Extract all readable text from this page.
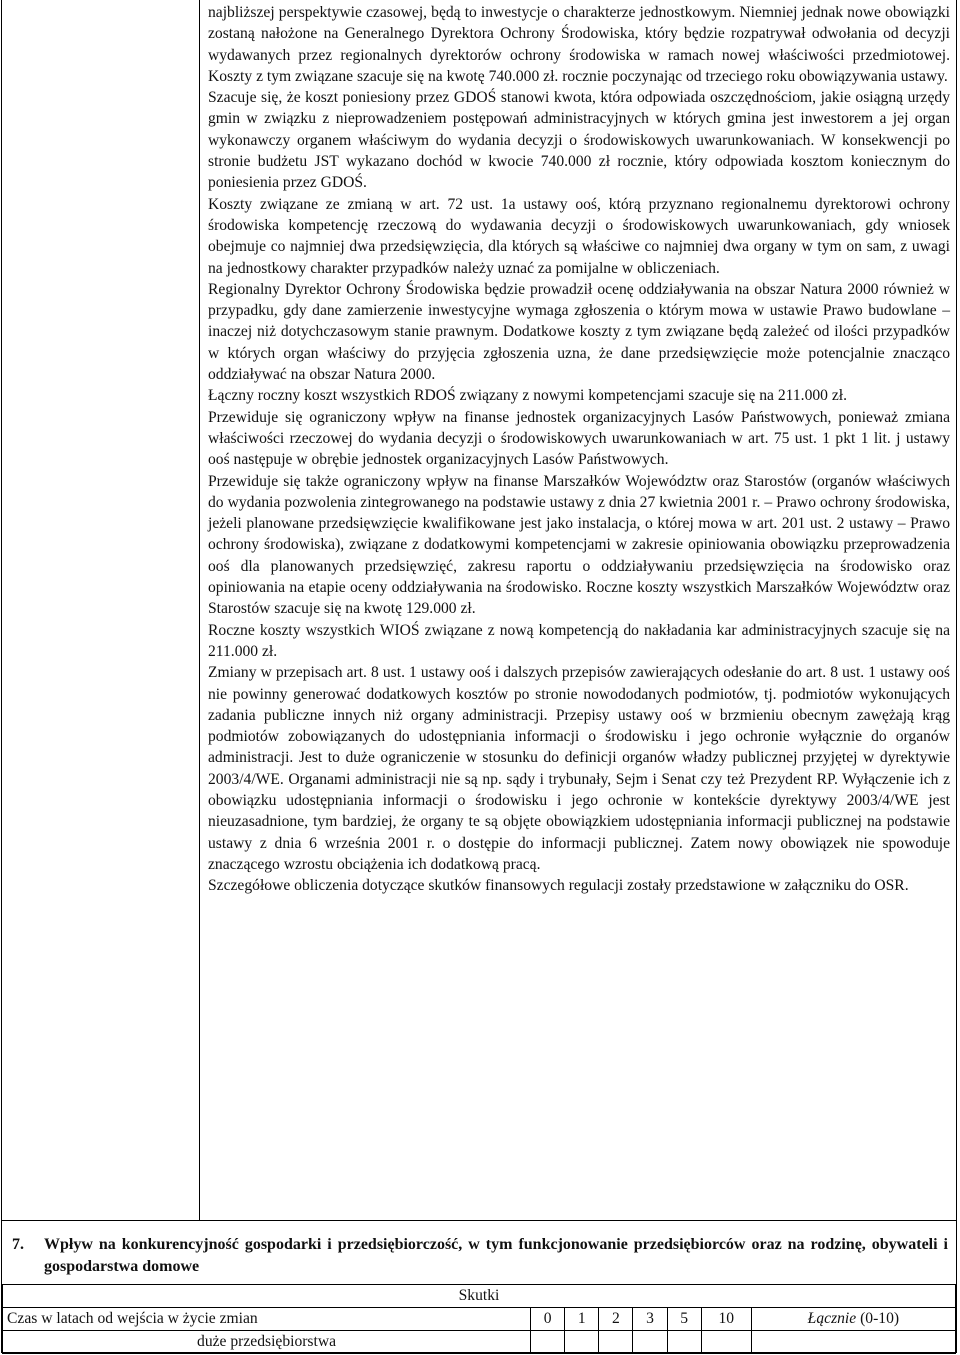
najbliższej perspektywie czasowej, będą to inwestycje o charakterze jednostkowym. Niemniej jednak nowe obowiązki zostaną nałożone na Generalnego Dyrektora Ochrony Środowiska, który będzie rozpatrywał odwołania od decyzji wydawanych przez regionalnych dyrektorów ochrony środowiska w ramach nowej właściwości przedmiotowej. Koszty z tym związane szacuje się na kwotę 740.000 zł. rocznie poczynając od trzeciego roku obowiązywania ustawy.

Szacuje się, że koszt poniesiony przez GDOŚ stanowi kwota, która odpowiada oszczędnościom, jakie osiągną urzędy gmin w związku z nieprowadzeniem postępowań administracyjnych w których gmina jest inwestorem a jej organ wykonawczy organem właściwym do wydania decyzji o środowiskowych uwarunkowaniach. W konsekwencji po stronie budżetu JST wykazano dochód w kwocie 740.000 zł rocznie, który odpowiada kosztom koniecznym do poniesienia przez GDOŚ.

Koszty związane ze zmianą w art. 72 ust. 1a ustawy ooś, którą przyznano regionalnemu dyrektorowi ochrony środowiska kompetencję rzeczową do wydawania decyzji o środowiskowych uwarunkowaniach, gdy wniosek obejmuje co najmniej dwa przedsięwzięcia, dla których są właściwe co najmniej dwa organy w tym on sam, z uwagi na jednostkowy charakter przypadków należy uznać za pomijalne w obliczeniach.

Regionalny Dyrektor Ochrony Środowiska będzie prowadził ocenę oddziaływania na obszar Natura 2000 również w przypadku, gdy dane zamierzenie inwestycyjne wymaga zgłoszenia o którym mowa w ustawie Prawo budowlane – inaczej niż dotychczasowym stanie prawnym. Dodatkowe koszty z tym związane będą zależeć od ilości przypadków w których organ właściwy do przyjęcia zgłoszenia uzna, że dane przedsięwzięcie może potencjalnie znacząco oddziaływać na obszar Natura 2000.

Łączny roczny koszt wszystkich RDOŚ związany z nowymi kompetencjami szacuje się na 211.000 zł.

Przewiduje się ograniczony wpływ na finanse jednostek organizacyjnych Lasów Państwowych, ponieważ zmiana właściwości rzeczowej do wydania decyzji o środowiskowych uwarunkowaniach w art. 75 ust. 1 pkt 1 lit. j ustawy ooś następuje w obrębie jednostek organizacyjnych Lasów Państwowych.

Przewiduje się także ograniczony wpływ na finanse Marszałków Województw oraz Starostów (organów właściwych do wydania pozwolenia zintegrowanego na podstawie ustawy z dnia 27 kwietnia 2001 r. – Prawo ochrony środowiska, jeżeli planowane przedsięwzięcie kwalifikowane jest jako instalacja, o której mowa w art. 201 ust. 2 ustawy – Prawo ochrony środowiska), związane z dodatkowymi kompetencjami w zakresie opiniowania obowiązku przeprowadzenia ooś dla planowanych przedsięwzięć, zakresu raportu o oddziaływaniu przedsięwzięcia na środowisko oraz opiniowania na etapie oceny oddziaływania na środowisko. Roczne koszty wszystkich Marszałków Województw oraz Starostów szacuje się na kwotę 129.000 zł.

Roczne koszty wszystkich WIOŚ związane z nową kompetencją do nakładania kar administracyjnych szacuje się na 211.000 zł.

Zmiany w przepisach art. 8 ust. 1 ustawy ooś i dalszych przepisów zawierających odesłanie do art. 8 ust. 1 ustawy ooś nie powinny generować dodatkowych kosztów po stronie nowododanych podmiotów, tj. podmiotów wykonujących zadania publiczne innych niż organy administracji. Przepisy ustawy ooś w brzmieniu obecnym zawężają krąg podmiotów zobowiązanych do udostępniania informacji o środowisku i jego ochronie wyłącznie do organów administracji. Jest to duże ograniczenie w stosunku do definicji organów władzy publicznej przyjętej w dyrektywie 2003/4/WE. Organami administracji nie są np. sądy i trybunały, Sejm i Senat czy też Prezydent RP. Wyłączenie ich z obowiązku udostępniania informacji o środowisku i jego ochronie w kontekście dyrektywy 2003/4/WE jest nieuzasadnione, tym bardziej, że organy te są objęte obowiązkiem udostępniania informacji publicznej na podstawie ustawy z dnia 6 września 2001 r. o dostępie do informacji publicznej. Zatem nowy obowiązek nie spowoduje znaczącego wzrostu obciążenia ich dodatkową pracą.

Szczegółowe obliczenia dotyczące skutków finansowych regulacji zostały przedstawione w załączniku do OSR.

7.	Wpływ na konkurencyjność gospodarki i przedsiębiorczość, w tym funkcjonowanie przedsiębiorców oraz na rodzinę, obywateli i gospodarstwa domowe
Skutki							
Czas w latach od wejścia w życie zmian	0	1	2	3	5	10	Łącznie (0-10)
duże przedsiębiorstwa							
